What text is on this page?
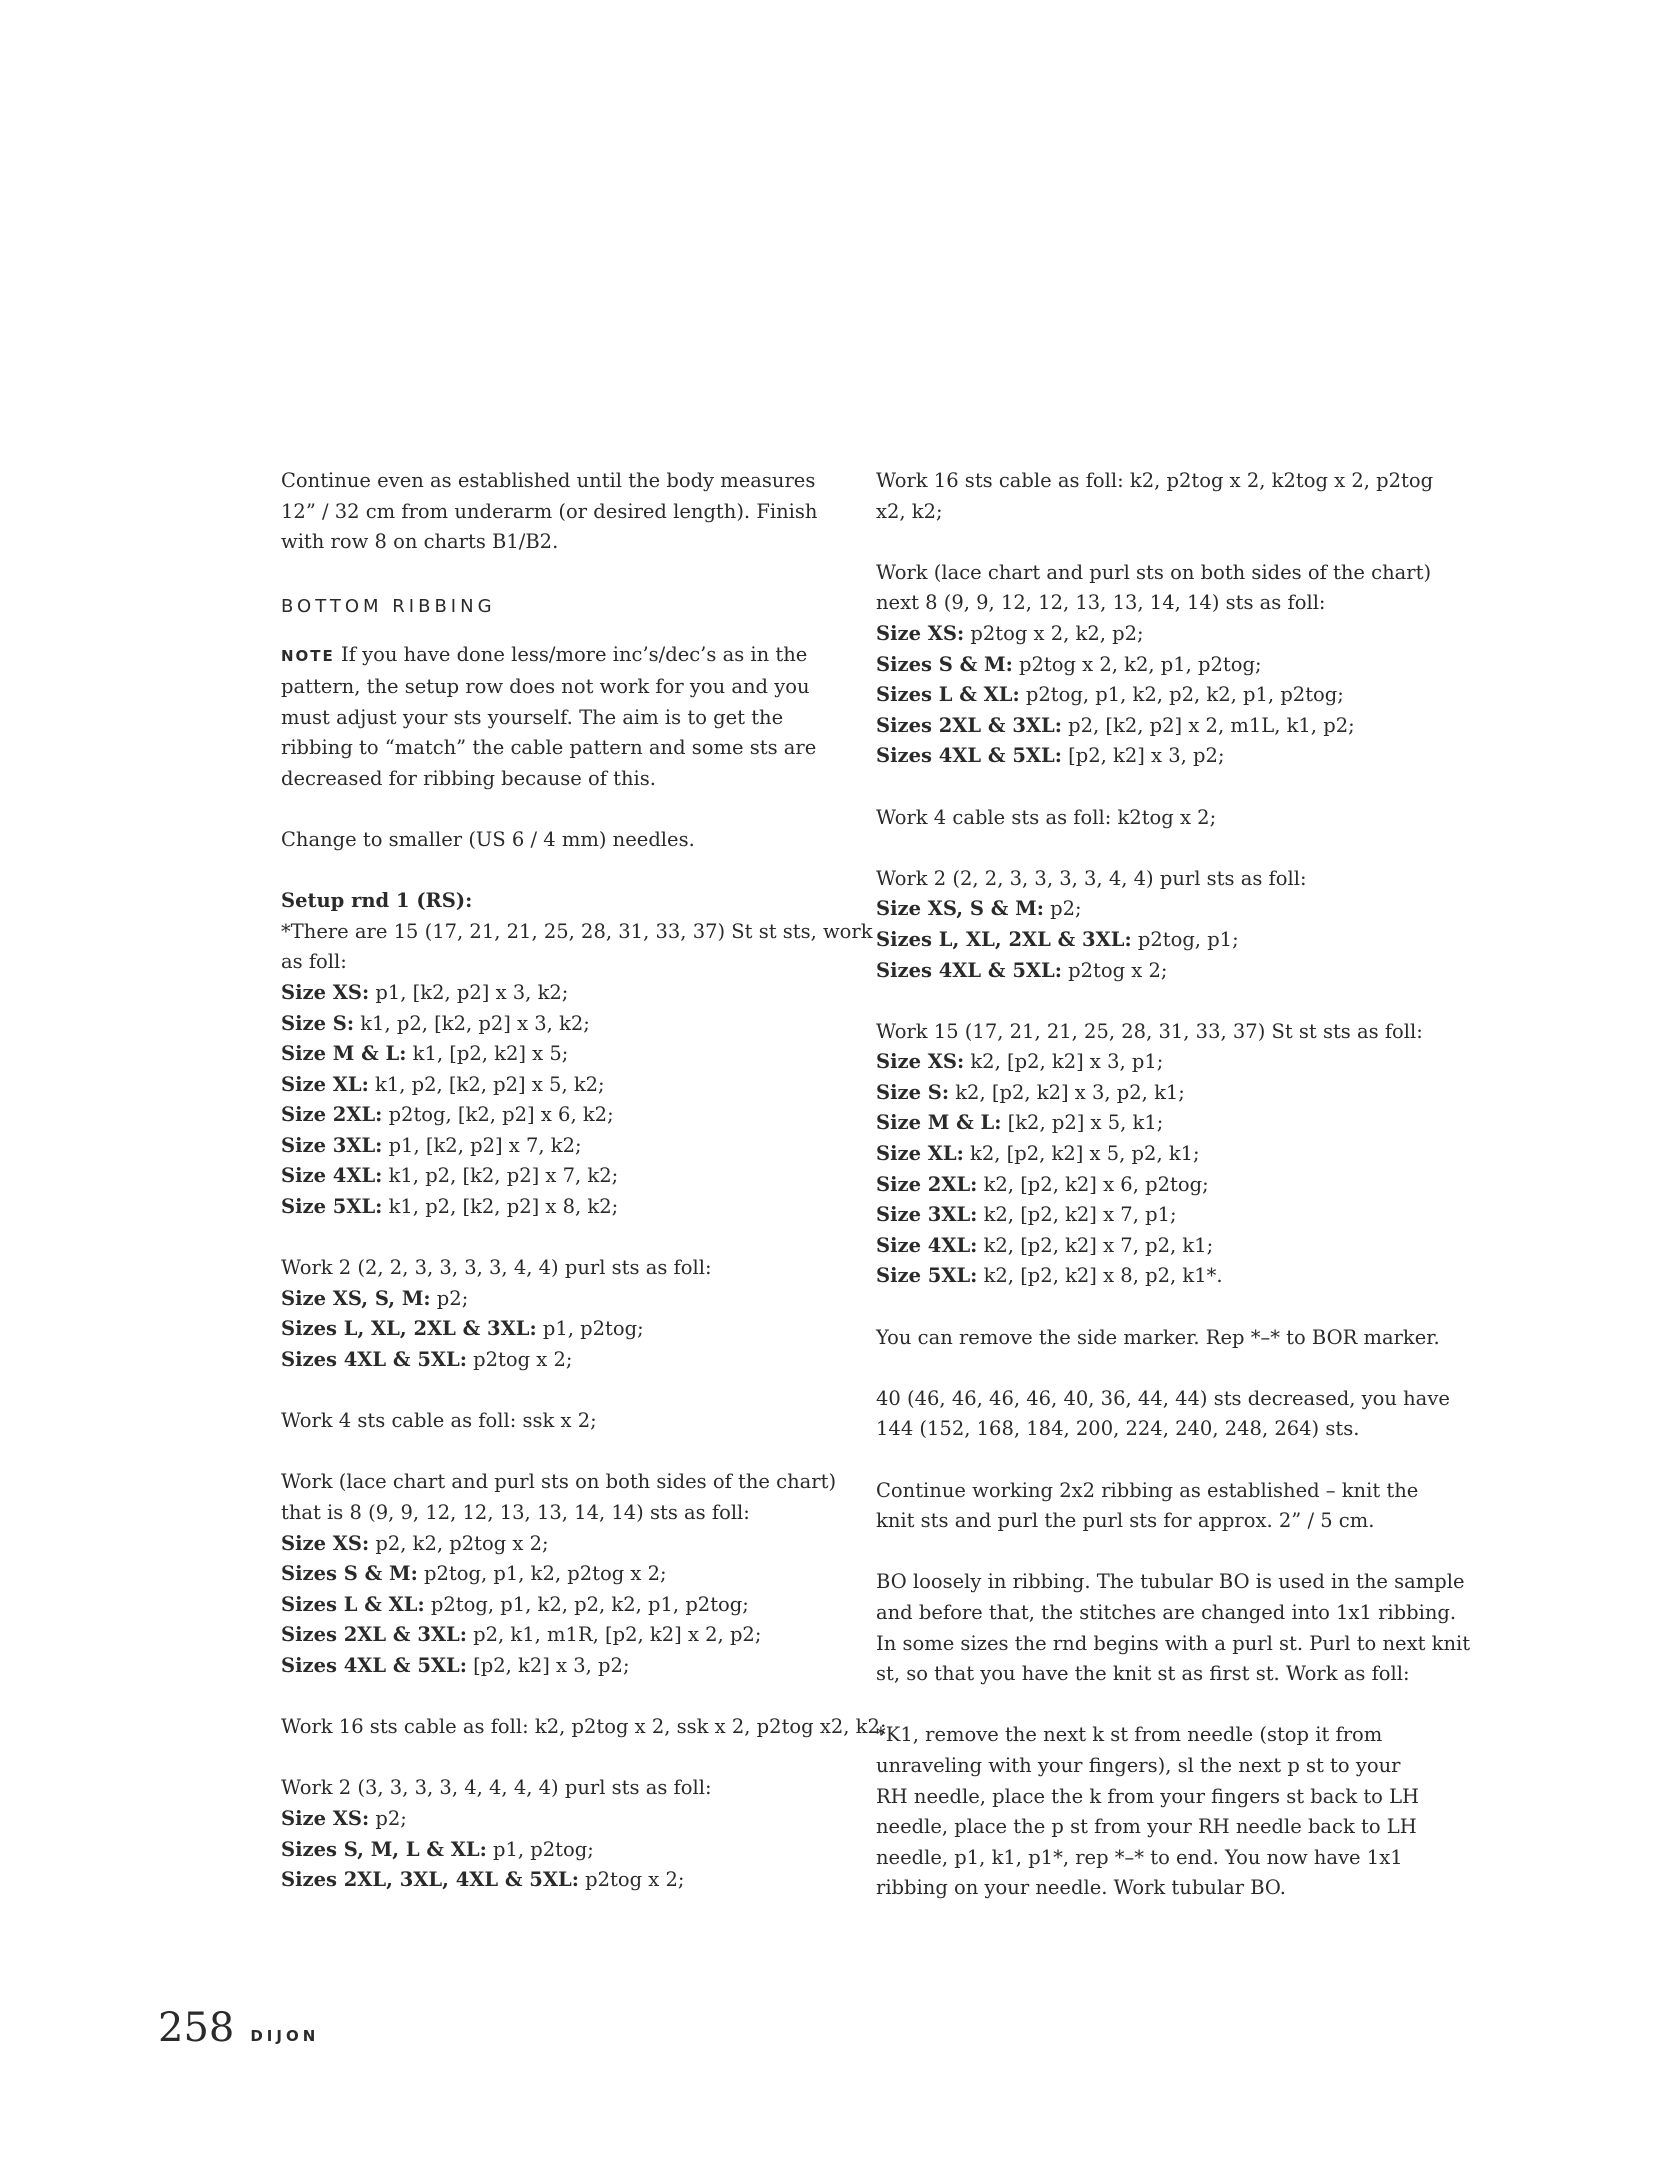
Continue even as established until the body measures
12” / 32 cm from underarm (or desired length). Finish
with row 8 on charts B1/B2.
BOTTOM RIBBING
NOTE If you have done less/more inc’s/dec’s as in the
pattern, the setup row does not work for you and you
must adjust your sts yourself. The aim is to get the
ribbing to “match” the cable pattern and some sts are
decreased for ribbing because of this.
Change to smaller (US 6 / 4 mm) needles.
Setup rnd 1 (RS):
*There are 15 (17, 21, 21, 25, 28, 31, 33, 37) St st sts, work
as foll:
Size XS: p1, [k2, p2] x 3, k2;
Size S: k1, p2, [k2, p2] x 3, k2;
Size M & L: k1, [p2, k2] x 5;
Size XL: k1, p2, [k2, p2] x 5, k2;
Size 2XL: p2tog, [k2, p2] x 6, k2;
Size 3XL: p1, [k2, p2] x 7, k2;
Size 4XL: k1, p2, [k2, p2] x 7, k2;
Size 5XL: k1, p2, [k2, p2] x 8, k2;
Work 2 (2, 2, 3, 3, 3, 3, 4, 4) purl sts as foll:
Size XS, S, M: p2;
Sizes L, XL, 2XL & 3XL: p1, p2tog;
Sizes 4XL & 5XL: p2tog x 2;
Work 4 sts cable as foll: ssk x 2;
Work (lace chart and purl sts on both sides of the chart)
that is 8 (9, 9, 12, 12, 13, 13, 14, 14) sts as foll:
Size XS: p2, k2, p2tog x 2;
Sizes S & M: p2tog, p1, k2, p2tog x 2;
Sizes L & XL: p2tog, p1, k2, p2, k2, p1, p2tog;
Sizes 2XL & 3XL: p2, k1, m1R, [p2, k2] x 2, p2;
Sizes 4XL & 5XL: [p2, k2] x 3, p2;
Work 16 sts cable as foll: k2, p2tog x 2, ssk x 2, p2tog x2, k2;
Work 2 (3, 3, 3, 3, 4, 4, 4, 4) purl sts as foll:
Size XS: p2;
Sizes S, M, L & XL: p1, p2tog;
Sizes 2XL, 3XL, 4XL & 5XL: p2tog x 2;
Work 16 sts cable as foll: k2, p2tog x 2, k2tog x 2, p2tog
x2, k2;
Work (lace chart and purl sts on both sides of the chart)
next 8 (9, 9, 12, 12, 13, 13, 14, 14) sts as foll:
Size XS: p2tog x 2, k2, p2;
Sizes S & M: p2tog x 2, k2, p1, p2tog;
Sizes L & XL: p2tog, p1, k2, p2, k2, p1, p2tog;
Sizes 2XL & 3XL: p2, [k2, p2] x 2, m1L, k1, p2;
Sizes 4XL & 5XL: [p2, k2] x 3, p2;
Work 4 cable sts as foll: k2tog x 2;
Work 2 (2, 2, 3, 3, 3, 3, 4, 4) purl sts as foll:
Size XS, S & M: p2;
Sizes L, XL, 2XL & 3XL: p2tog, p1;
Sizes 4XL & 5XL: p2tog x 2;
Work 15 (17, 21, 21, 25, 28, 31, 33, 37) St st sts as foll:
Size XS: k2, [p2, k2] x 3, p1;
Size S: k2, [p2, k2] x 3, p2, k1;
Size M & L: [k2, p2] x 5, k1;
Size XL: k2, [p2, k2] x 5, p2, k1;
Size 2XL: k2, [p2, k2] x 6, p2tog;
Size 3XL: k2, [p2, k2] x 7, p1;
Size 4XL: k2, [p2, k2] x 7, p2, k1;
Size 5XL: k2, [p2, k2] x 8, p2, k1*.
You can remove the side marker. Rep *–* to BOR marker.
40 (46, 46, 46, 46, 40, 36, 44, 44) sts decreased, you have
144 (152, 168, 184, 200, 224, 240, 248, 264) sts.
Continue working 2x2 ribbing as established – knit the
knit sts and purl the purl sts for approx. 2” / 5 cm.
BO loosely in ribbing. The tubular BO is used in the sample
and before that, the stitches are changed into 1x1 ribbing.
In some sizes the rnd begins with a purl st. Purl to next knit
st, so that you have the knit st as first st. Work as foll:
*K1, remove the next k st from needle (stop it from
unraveling with your fingers), sl the next p st to your
RH needle, place the k from your fingers st back to LH
needle, place the p st from your RH needle back to LH
needle, p1, k1, p1*, rep *–* to end. You now have 1x1
ribbing on your needle. Work tubular BO.
258 DIJON
